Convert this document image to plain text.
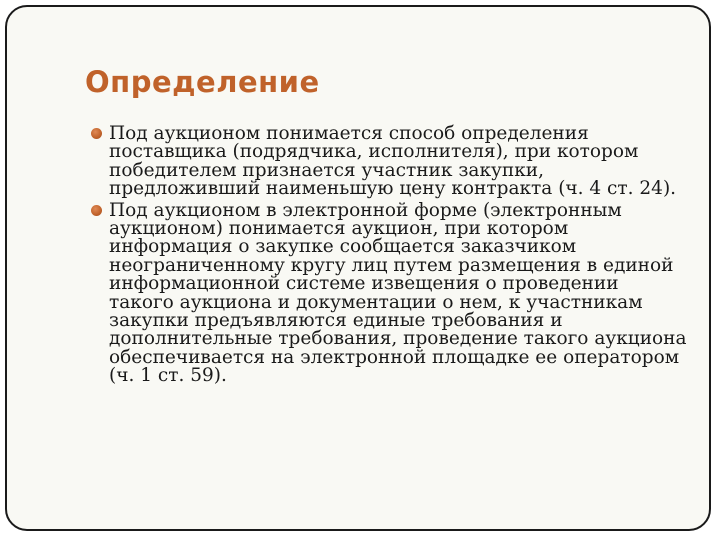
Определение
Под аукционом понимается способ определения поставщика (подрядчика, исполнителя), при котором победителем признается участник закупки, предложивший наименьшую цену контракта (ч. 4 ст. 24).
Под аукционом в электронной форме (электронным аукционом) понимается аукцион, при котором информация о закупке сообщается заказчиком неограниченному кругу лиц путем размещения в единой информационной системе извещения о проведении такого аукциона и документации о нем, к участникам закупки предъявляются единые требования и дополнительные требования, проведение такого аукциона обеспечивается на электронной площадке ее оператором (ч. 1 ст. 59).
